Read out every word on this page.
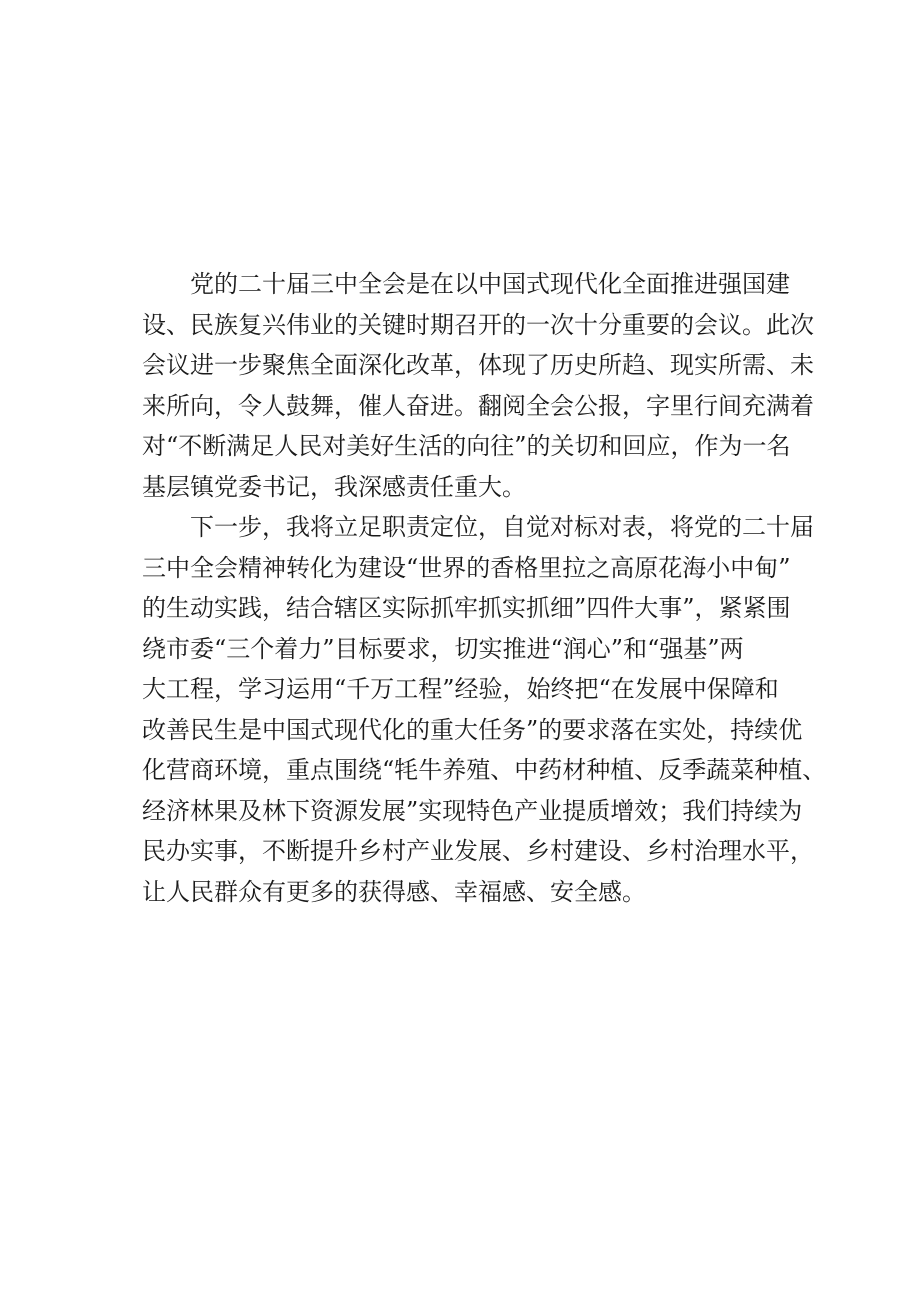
党的二十届三中全会是在以中国式现代化全面推进强国建
设、民族复兴伟业的关键时期召开的一次十分重要的会议。此次
会议进一步聚焦全面深化改革，体现了历史所趋、现实所需、未
来所向，令人鼓舞，催人奋进。翻阅全会公报，字里行间充满着
对“不断满足人民对美好生活的向往”的关切和回应，作为一名
基层镇党委书记，我深感责任重大。
下一步，我将立足职责定位，自觉对标对表，将党的二十届
三中全会精神转化为建设“世界的香格里拉之高原花海小中甸”
的生动实践，结合辖区实际抓牢抓实抓细”四件大事”，紧紧围
绕市委“三个着力”目标要求，切实推进“润心”和“强基”两
大工程，学习运用“千万工程”经验，始终把“在发展中保障和
改善民生是中国式现代化的重大任务”的要求落在实处，持续优
化营商环境，重点围绕“牦牛养殖、中药材种植、反季蔬菜种植、
经济林果及林下资源发展”实现特色产业提质增效；我们持续为
民办实事，不断提升乡村产业发展、乡村建设、乡村治理水平，
让人民群众有更多的获得感、幸福感、安全感。
